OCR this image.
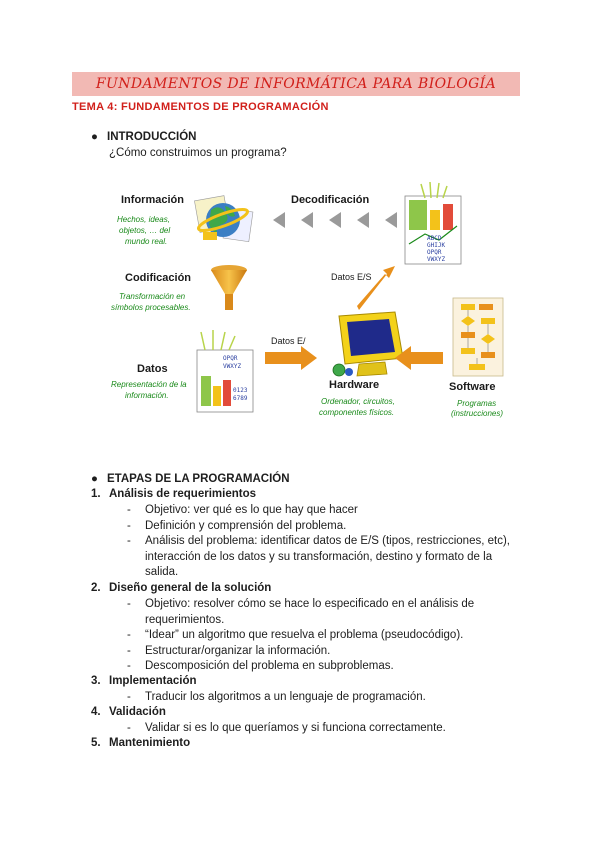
FUNDAMENTOS DE INFORMÁTICA PARA BIOLOGÍA
TEMA 4: FUNDAMENTOS DE PROGRAMACIÓN
● INTRODUCCIÓN
¿Cómo construimos un programa?
Información
Hechos, ideas,
objetos, … del
mundo real.
Decodificación
ABCD
GHIJK
OPQR
VWXYZ
Codificación
Transformación en
símbolos procesables.
Datos E/S
Datos
Representación de la
información.
OPQR
VWXYZ
0123
6789
Datos E/
Hardware
Ordenador, circuitos,
componentes físicos.
Software
Programas
(instrucciones)
● ETAPAS DE LA PROGRAMACIÓN
1. Análisis de requerimientos
-	Objetivo: ver qué es lo que hay que hacer
-	Definición y comprensión del problema.
-	Análisis del problema: identificar datos de E/S (tipos, restricciones, etc), interacción de los datos y su transformación, destino y formato de la salida.
2. Diseño general de la solución
-	Objetivo: resolver cómo se hace lo especificado en el análisis de requerimientos.
-	“Idear” un algoritmo que resuelva el problema (pseudocódigo).
-	Estructurar/organizar la información.
-	Descomposición del problema en subproblemas.
3. Implementación
-	Traducir los algoritmos a un lenguaje de programación.
4. Validación
-	Validar si es lo que queríamos y si funciona correctamente.
5. Mantenimiento
